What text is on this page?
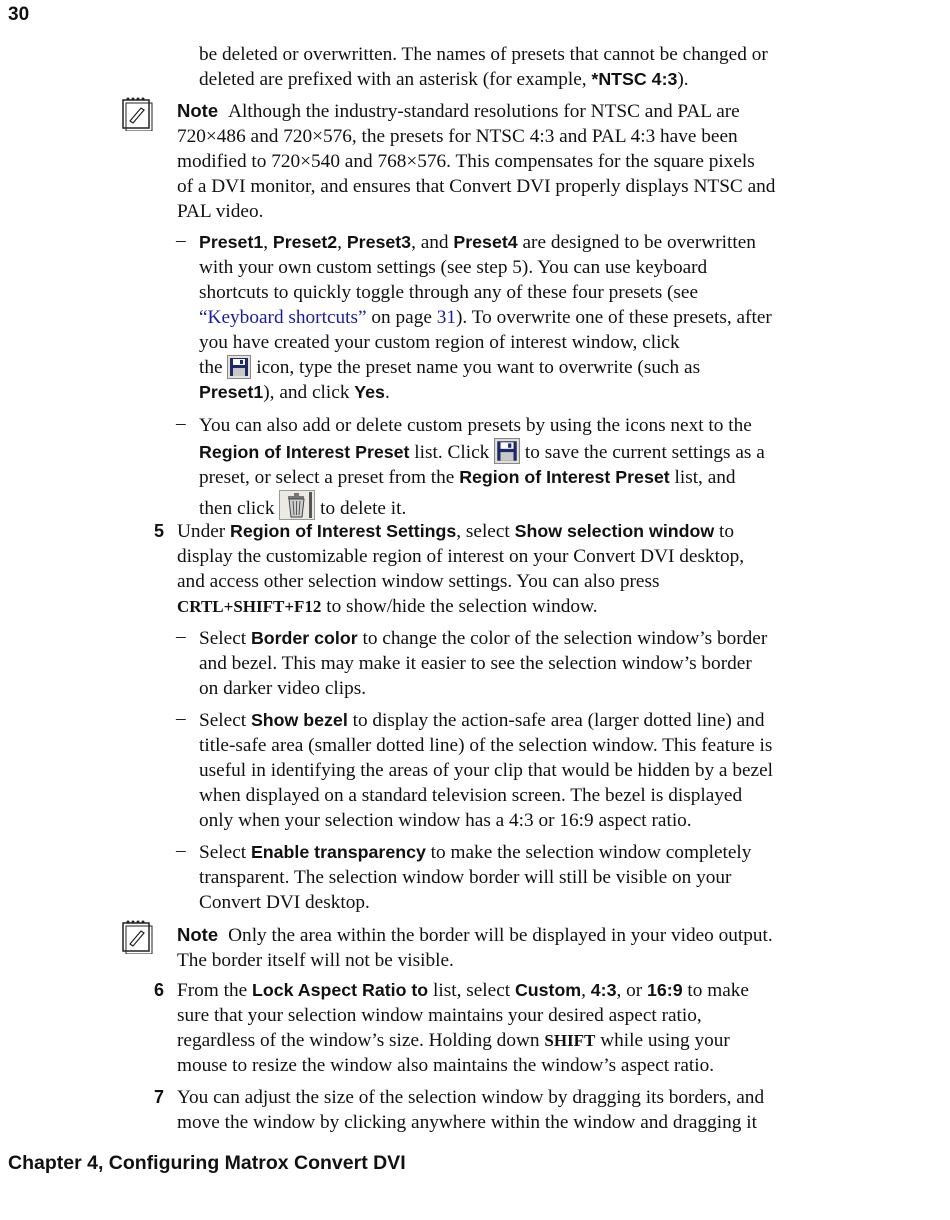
30
be deleted or overwritten. The names of presets that cannot be changed or
deleted are prefixed with an asterisk (for example, *NTSC 4:3).
Note Although the industry-standard resolutions for NTSC and PAL are
720×486 and 720×576, the presets for NTSC 4:3 and PAL 4:3 have been
modified to 720×540 and 768×576. This compensates for the square pixels
of a DVI monitor, and ensures that Convert DVI properly displays NTSC and
PAL video.
– Preset1, Preset2, Preset3, and Preset4 are designed to be overwritten
with your own custom settings (see step 5). You can use keyboard
shortcuts to quickly toggle through any of these four presets (see
“Keyboard shortcuts” on page 31). To overwrite one of these presets, after
you have created your custom region of interest window, click
the  icon, type the preset name you want to overwrite (such as
Preset1), and click Yes.
– You can also add or delete custom presets by using the icons next to the
Region of Interest Preset list. Click  to save the current settings as a
preset, or select a preset from the Region of Interest Preset list, and
then click  to delete it.
5 Under Region of Interest Settings, select Show selection window to
display the customizable region of interest on your Convert DVI desktop,
and access other selection window settings. You can also press
CRTL+SHIFT+F12 to show/hide the selection window.
– Select Border color to change the color of the selection window’s border
and bezel. This may make it easier to see the selection window’s border
on darker video clips.
– Select Show bezel to display the action-safe area (larger dotted line) and
title-safe area (smaller dotted line) of the selection window. This feature is
useful in identifying the areas of your clip that would be hidden by a bezel
when displayed on a standard television screen. The bezel is displayed
only when your selection window has a 4:3 or 16:9 aspect ratio.
– Select Enable transparency to make the selection window completely
transparent. The selection window border will still be visible on your
Convert DVI desktop.
Note Only the area within the border will be displayed in your video output.
The border itself will not be visible.
6 From the Lock Aspect Ratio to list, select Custom, 4:3, or 16:9 to make
sure that your selection window maintains your desired aspect ratio,
regardless of the window’s size. Holding down SHIFT while using your
mouse to resize the window also maintains the window’s aspect ratio.
7 You can adjust the size of the selection window by dragging its borders, and
move the window by clicking anywhere within the window and dragging it
Chapter 4, Configuring Matrox Convert DVI
